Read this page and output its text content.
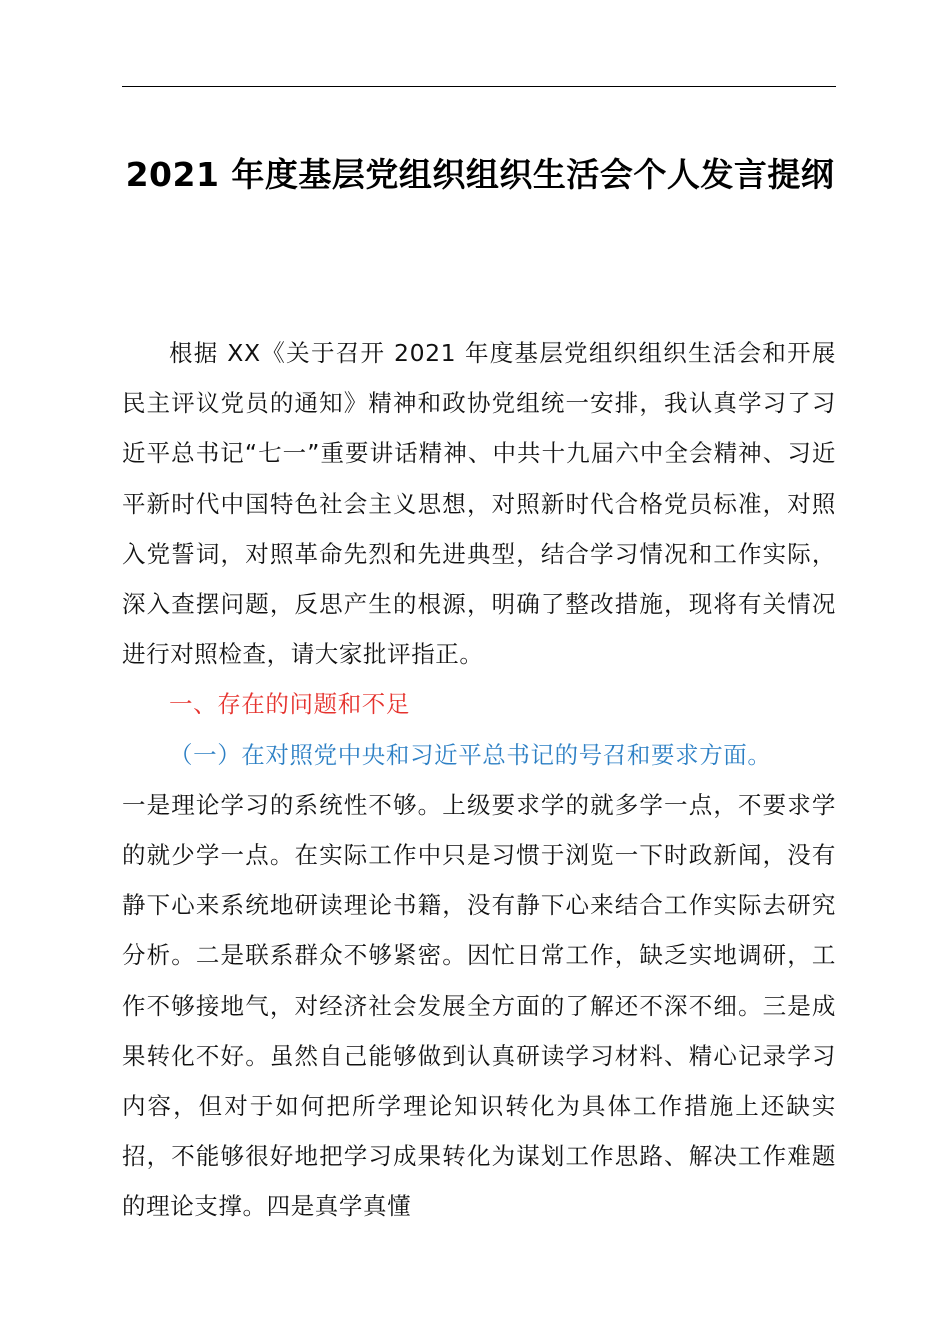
2021 年度基层党组织组织生活会个人发言提纲

根据 XX《关于召开 2021 年度基层党组织组织生活会和开展民主评议党员的通知》精神和政协党组统一安排，我认真学习了习近平总书记“七一”重要讲话精神、中共十九届六中全会精神、习近平新时代中国特色社会主义思想，对照新时代合格党员标准，对照入党誓词，对照革命先烈和先进典型，结合学习情况和工作实际，深入查摆问题，反思产生的根源，明确了整改措施，现将有关情况进行对照检查，请大家批评指正。

一、存在的问题和不足

（一）在对照党中央和习近平总书记的号召和要求方面。

一是理论学习的系统性不够。上级要求学的就多学一点，不要求学的就少学一点。在实际工作中只是习惯于浏览一下时政新闻，没有静下心来系统地研读理论书籍，没有静下心来结合工作实际去研究分析。二是联系群众不够紧密。因忙日常工作，缺乏实地调研，工作不够接地气，对经济社会发展全方面的了解还不深不细。三是成果转化不好。虽然自己能够做到认真研读学习材料、精心记录学习内容，但对于如何把所学理论知识转化为具体工作措施上还缺实招，不能够很好地把学习成果转化为谋划工作思路、解决工作难题的理论支撑。四是真学真懂
